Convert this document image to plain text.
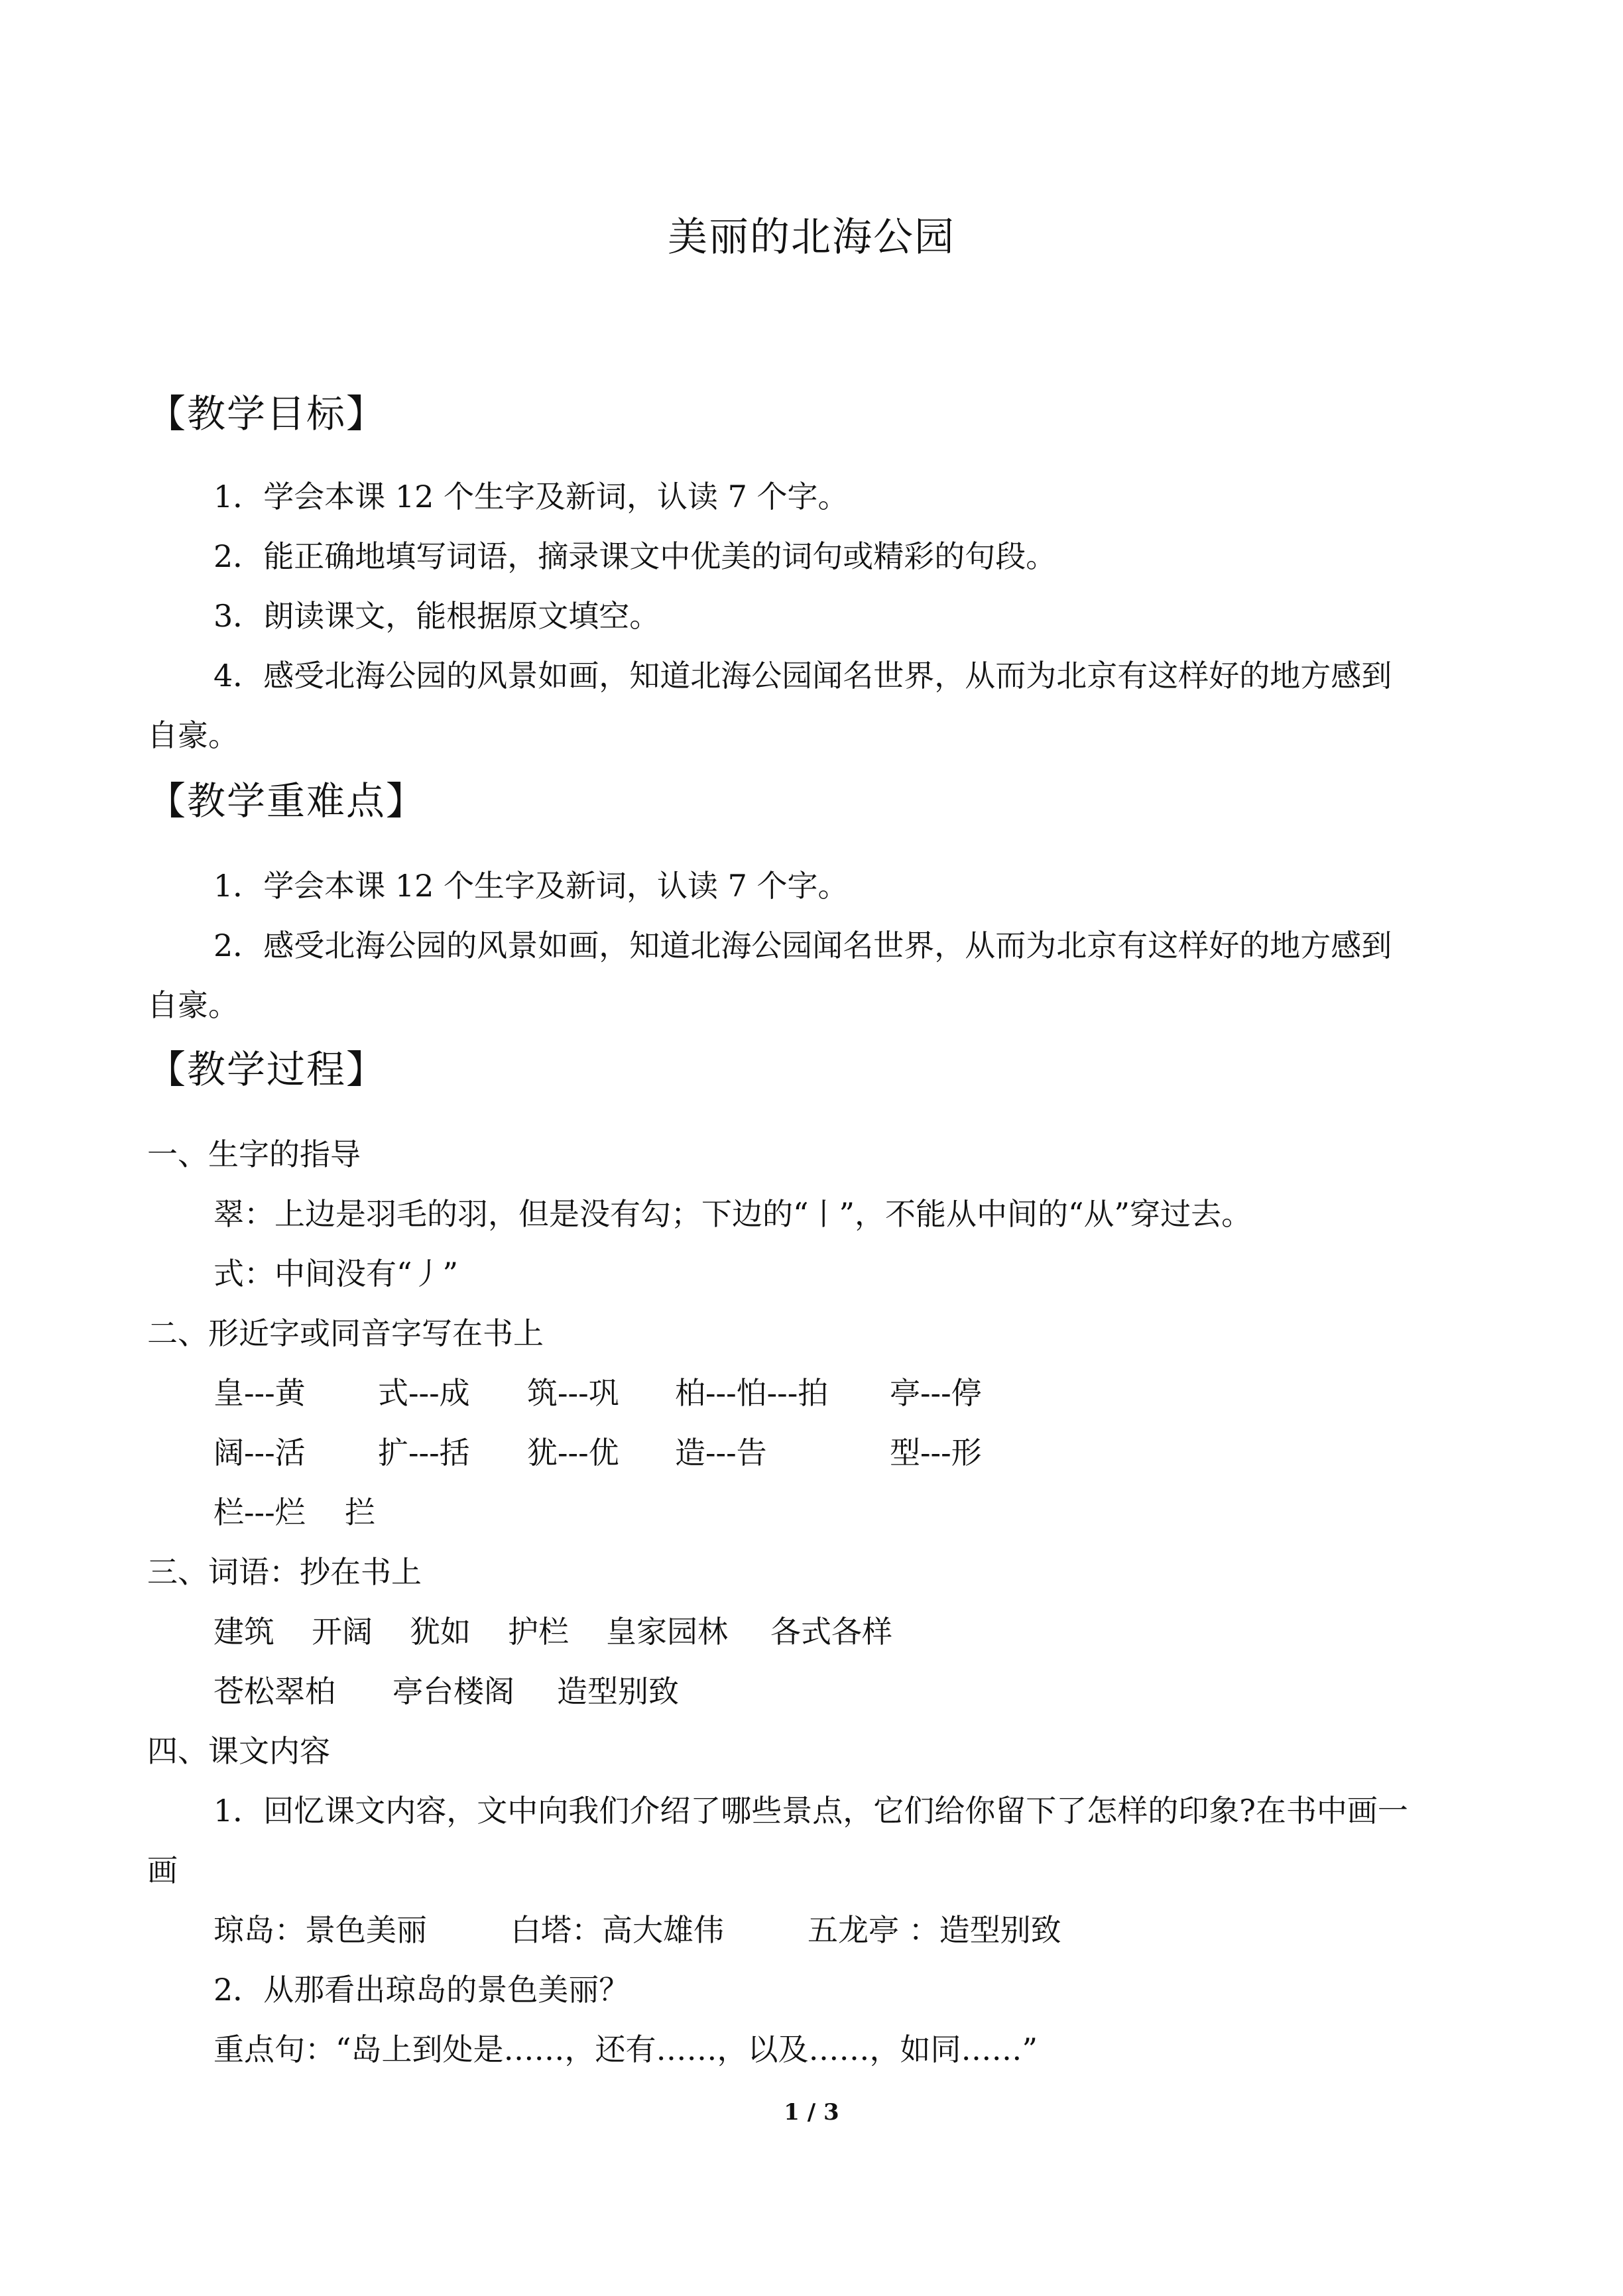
美丽的北海公园
【教学目标】
1．学会本课 12 个生字及新词，认读 7 个字。
2．能正确地填写词语，摘录课文中优美的词句或精彩的句段。
3．朗读课文，能根据原文填空。
4．感受北海公园的风景如画，知道北海公园闻名世界，从而为北京有这样好的地方感到
自豪。
【教学重难点】
1．学会本课 12 个生字及新词，认读 7 个字。
2．感受北海公园的风景如画，知道北海公园闻名世界，从而为北京有这样好的地方感到
自豪。
【教学过程】
一、生字的指导
翠：上边是羽毛的羽，但是没有勾；下边的“丨”，不能从中间的“从”穿过去。
式：中间没有“丿”
二、形近字或同音字写在书上
皇---黄 式---成 筑---巩 柏---怕---拍 亭---停
阔---活 扩---括 犹---优 造---告	型---形
栏---烂 拦
三、词语：抄在书上
建筑 开阔 犹如 护栏 皇家园林 各式各样
苍松翠柏 亭台楼阁 造型别致
四、课文内容
1．回忆课文内容，文中向我们介绍了哪些景点，它们给你留下了怎样的印象?在书中画一
画
琼岛：景色美丽	白塔：高大雄伟	五龙亭 ：造型别致
2．从那看出琼岛的景色美丽？
重点句：“岛上到处是……，还有……，以及……，如同……”
1 / 3
